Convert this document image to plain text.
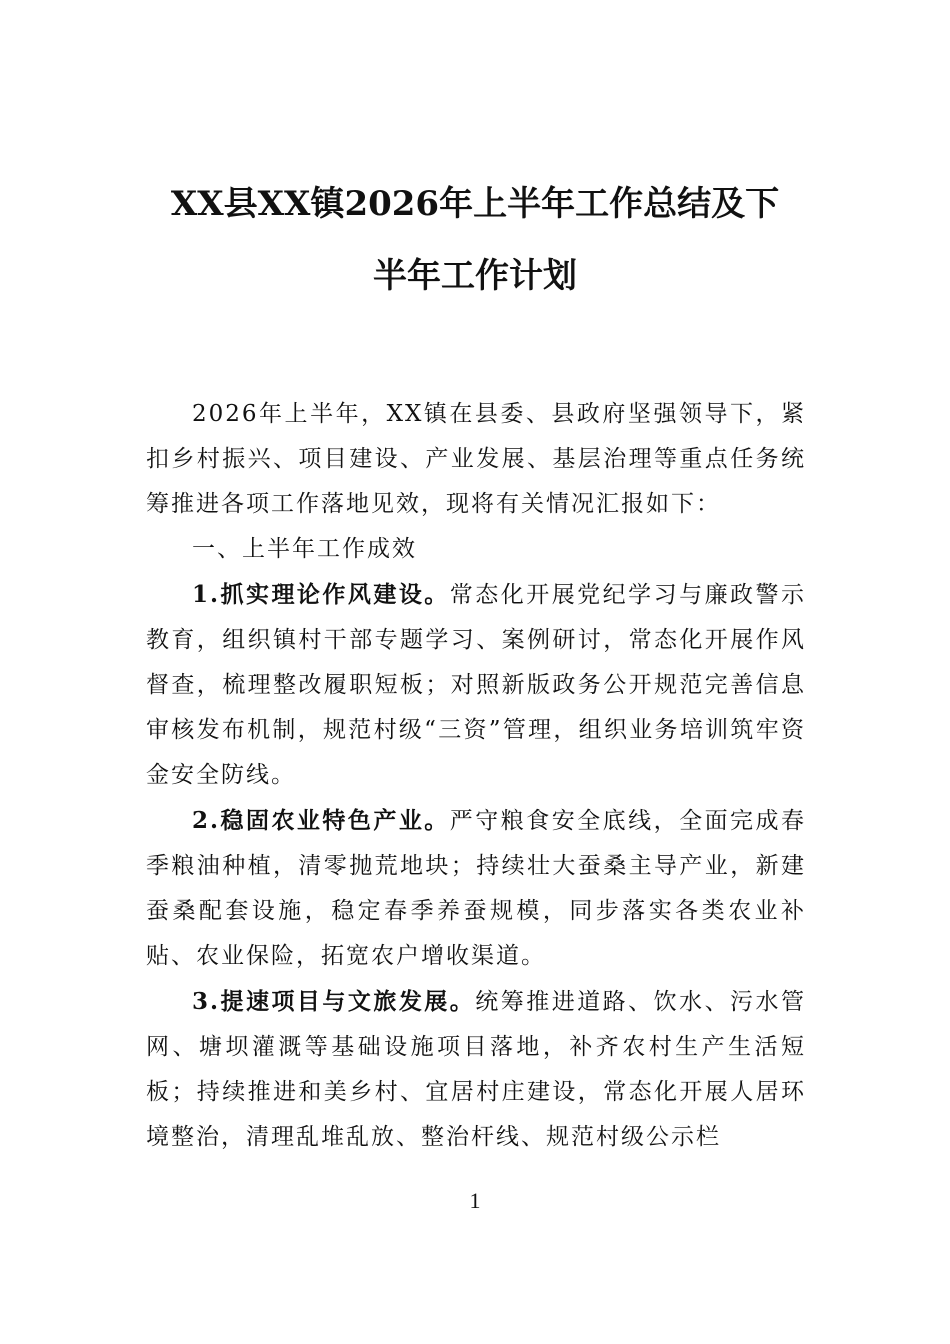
XX县XX镇2026年上半年工作总结及下
半年工作计划

2026年上半年，XX镇在县委、县政府坚强领导下，紧扣乡村振兴、项目建设、产业发展、基层治理等重点任务统筹推进各项工作落地见效，现将有关情况汇报如下：

一、上半年工作成效

1.抓实理论作风建设。常态化开展党纪学习与廉政警示教育，组织镇村干部专题学习、案例研讨，常态化开展作风督查，梳理整改履职短板；对照新版政务公开规范完善信息审核发布机制，规范村级“三资”管理，组织业务培训筑牢资金安全防线。

2.稳固农业特色产业。严守粮食安全底线，全面完成春季粮油种植，清零抛荒地块；持续壮大蚕桑主导产业，新建蚕桑配套设施，稳定春季养蚕规模，同步落实各类农业补贴、农业保险，拓宽农户增收渠道。

3.提速项目与文旅发展。统筹推进道路、饮水、污水管网、塘坝灌溉等基础设施项目落地，补齐农村生产生活短板；持续推进和美乡村、宜居村庄建设，常态化开展人居环境整治，清理乱堆乱放、整治杆线、规范村级公示栏

1
